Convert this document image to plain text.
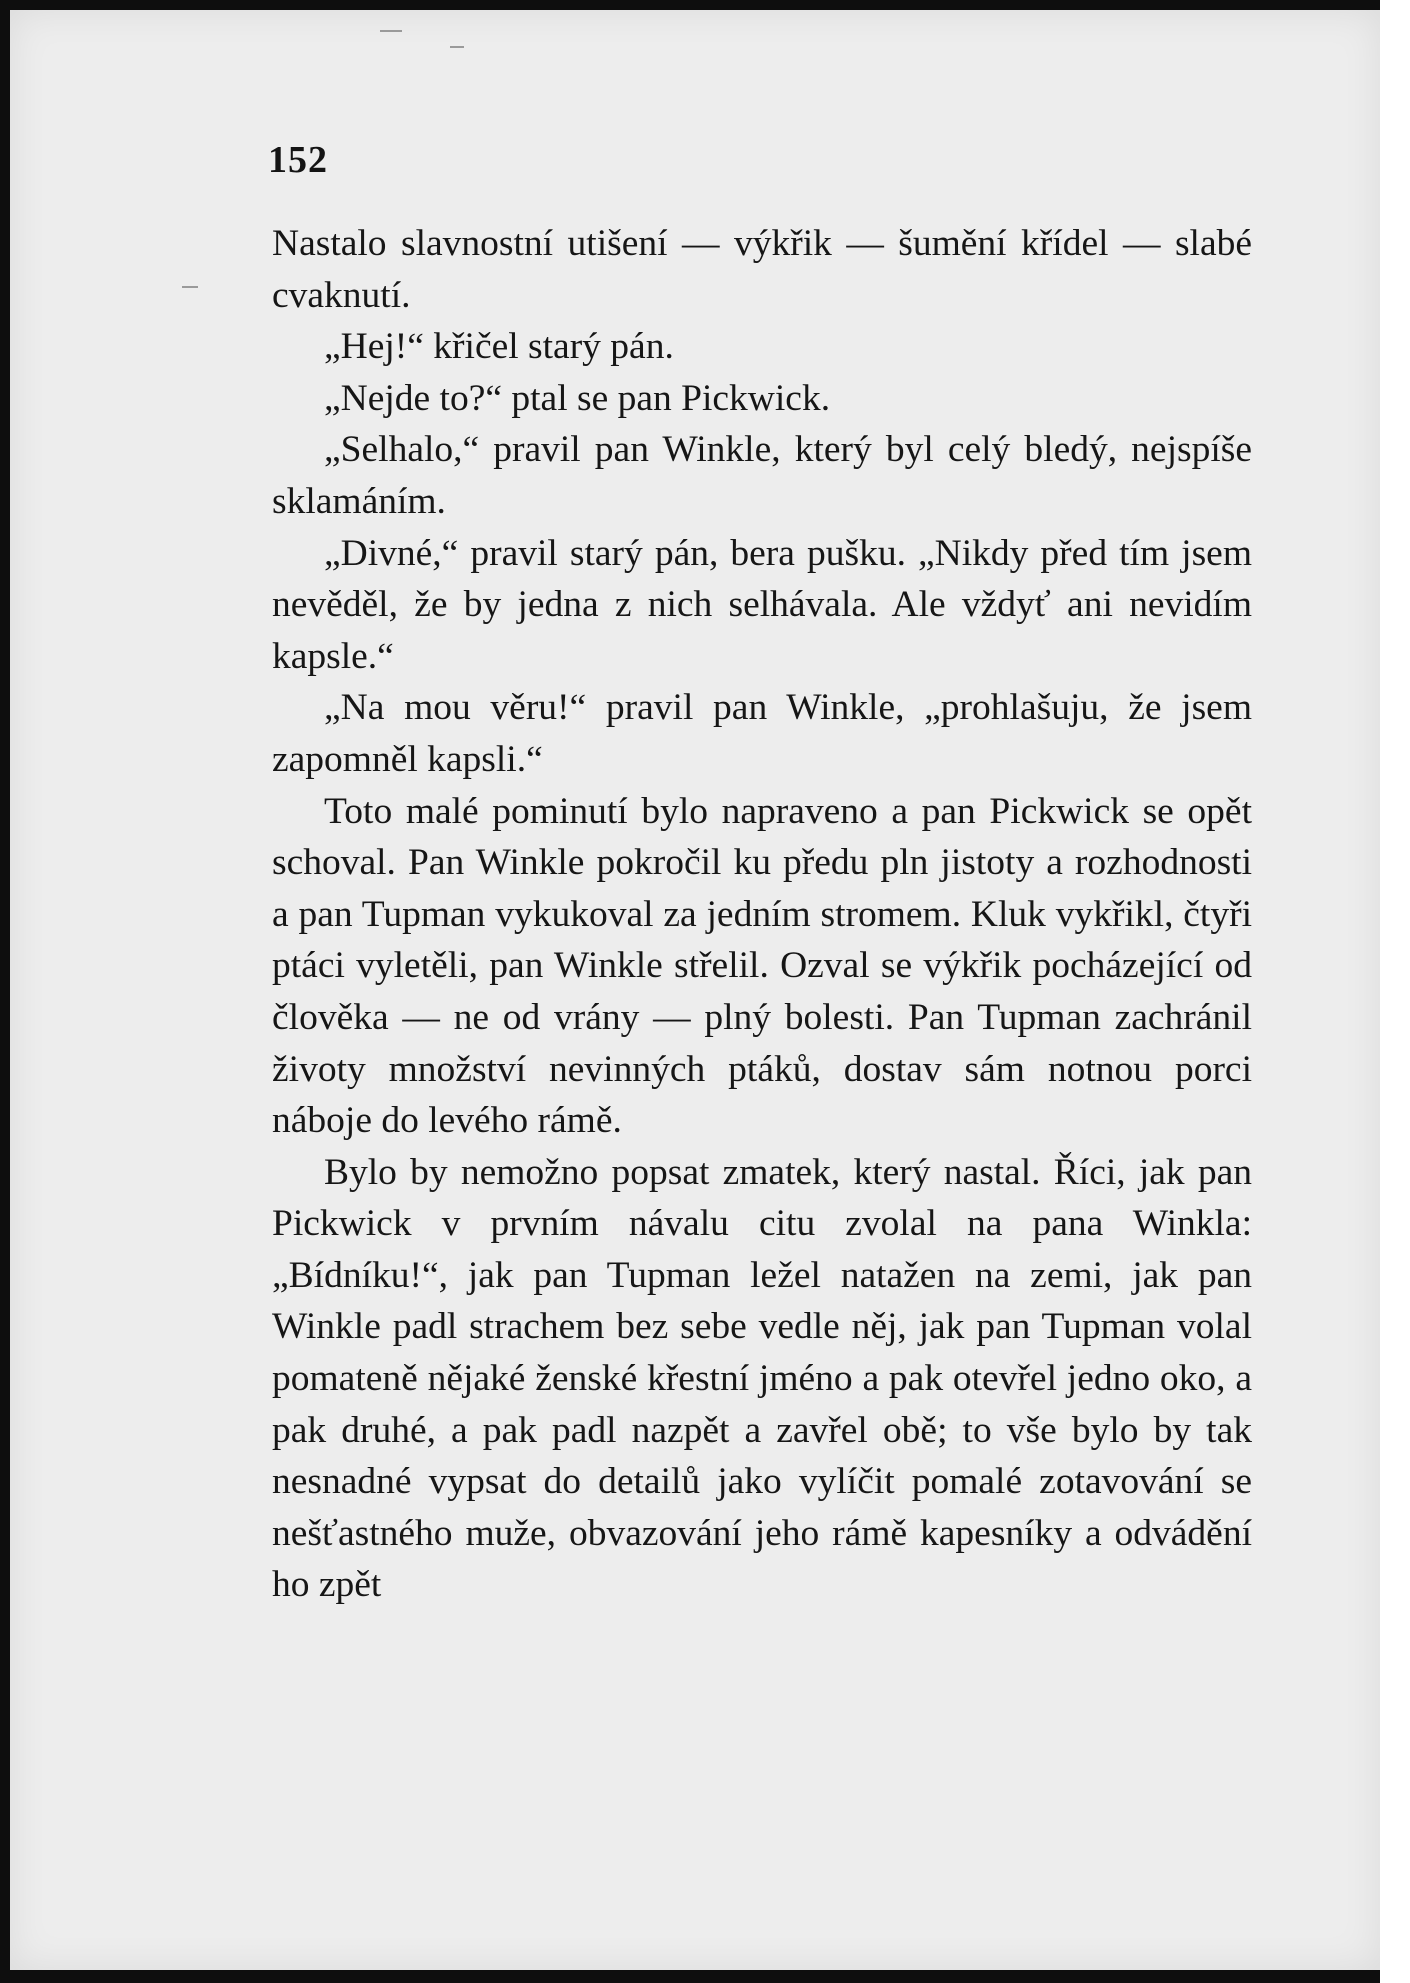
152

Nastalo slavnostní utišení — výkřik — šumění křídel — slabé cvaknutí.

„Hej!“ křičel starý pán.

„Nejde to?“ ptal se pan Pickwick.

„Selhalo,“ pravil pan Winkle, který byl celý bledý, nejspíše sklamáním.

„Divné,“ pravil starý pán, bera pušku. „Nikdy před tím jsem nevěděl, že by jedna z nich selhávala. Ale vždyť ani nevidím kapsle.“

„Na mou věru!“ pravil pan Winkle, „prohlašuju, že jsem zapomněl kapsli.“

Toto malé pominutí bylo napraveno a pan Pickwick se opět schoval. Pan Winkle pokročil ku předu pln jistoty a rozhodnosti a pan Tupman vykukoval za jedním stromem. Kluk vykřikl, čtyři ptáci vyletěli, pan Winkle střelil. Ozval se výkřik pocházející od člověka — ne od vrány — plný bolesti. Pan Tupman zachránil životy množství nevinných ptáků, dostav sám notnou porci náboje do levého rámě.

Bylo by nemožno popsat zmatek, který nastal. Říci, jak pan Pickwick v prvním návalu citu zvolal na pana Winkla: „Bídníku!“, jak pan Tupman ležel natažen na zemi, jak pan Winkle padl strachem bez sebe vedle něj, jak pan Tupman volal pomateně nějaké ženské křestní jméno a pak otevřel jedno oko, a pak druhé, a pak padl nazpět a zavřel obě; to vše bylo by tak nesnadné vypsat do detailů jako vylíčit pomalé zotavování se nešťastného muže, obvazování jeho rámě kapesníky a odvádění ho zpět
